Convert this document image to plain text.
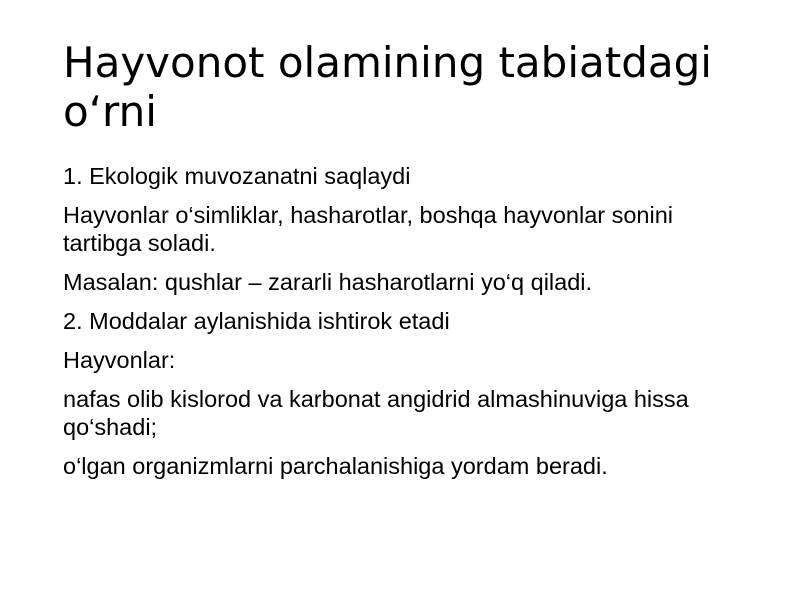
Hayvonot olamining tabiatdagi o‘rni

1. Ekologik muvozanatni saqlaydi

Hayvonlar o‘simliklar, hasharotlar, boshqa hayvonlar sonini tartibga soladi.

Masalan: qushlar – zararli hasharotlarni yo‘q qiladi.

2. Moddalar aylanishida ishtirok etadi

Hayvonlar:

nafas olib kislorod va karbonat angidrid almashinuviga hissa qo‘shadi;

o‘lgan organizmlarni parchalanishiga yordam beradi.
